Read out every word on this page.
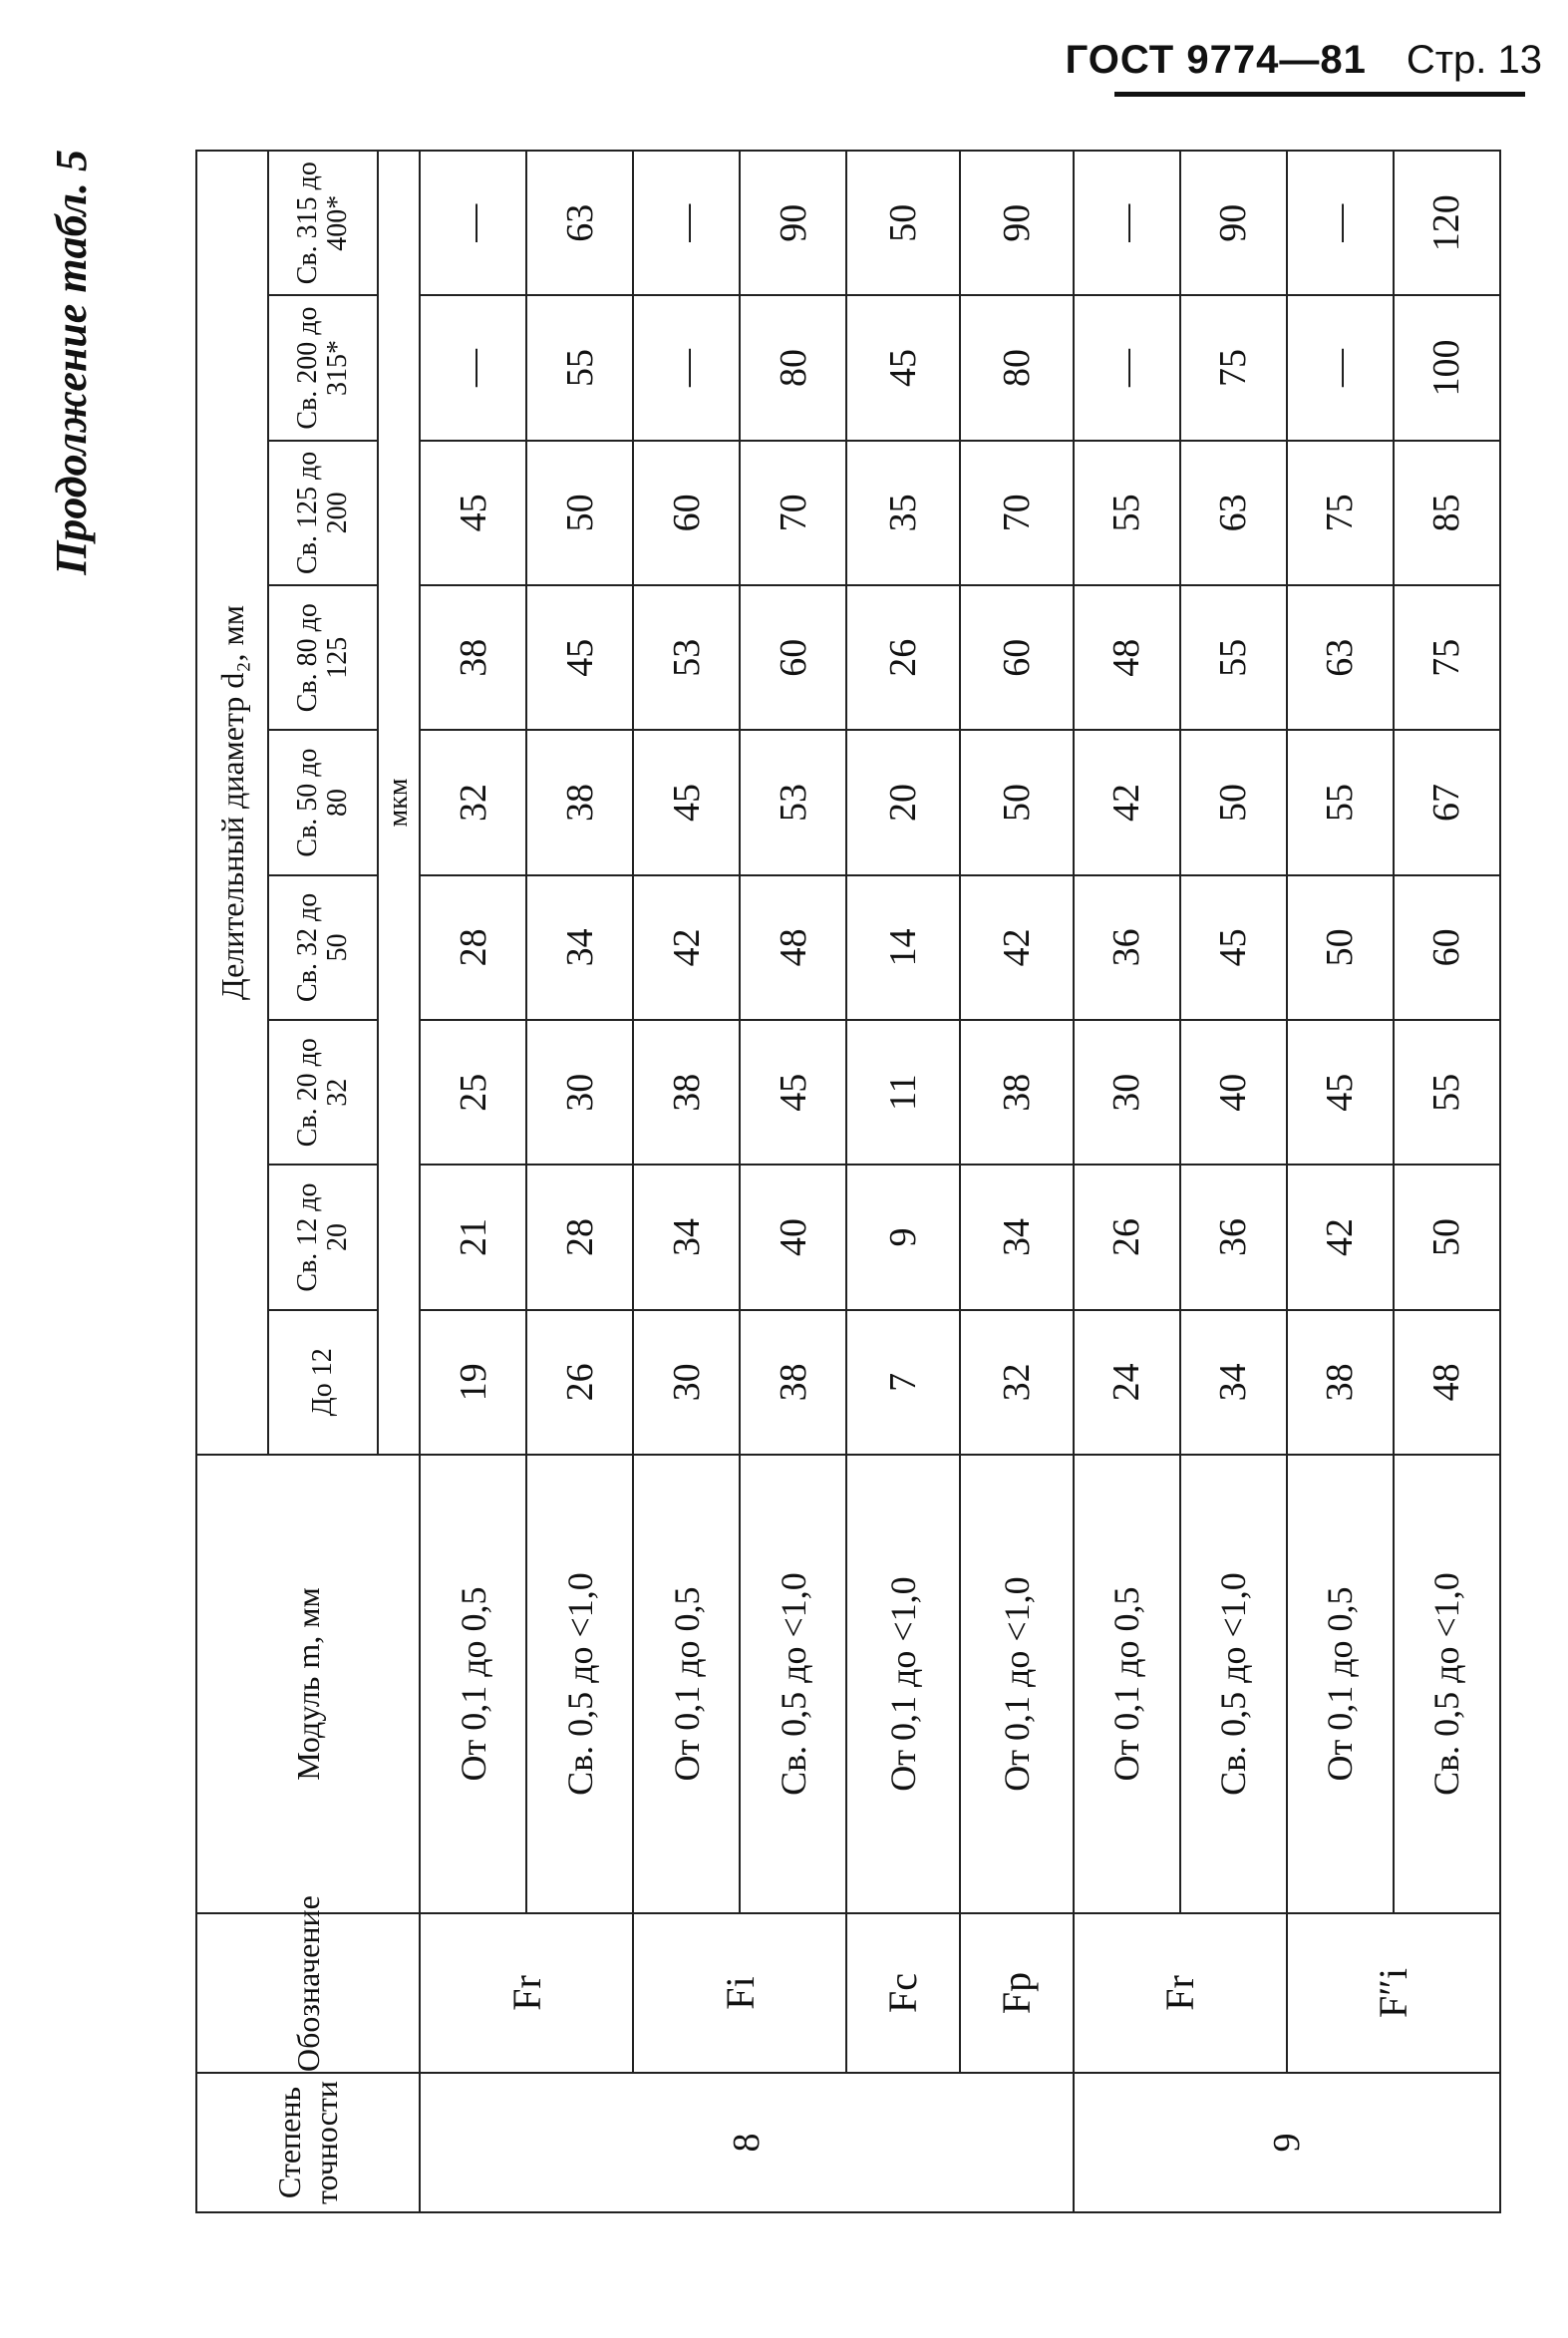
ГОСТ 9774—81 Стр. 13
Продолжение табл. 5
Степень точности	Обозначение	Модуль m, мм	Делительный диаметр d₂, мм								
			До 12	Св. 12 до 20	Св. 20 до 32	Св. 32 до 50	Св. 50 до 80	Св. 80 до 125	Св. 125 до 200	Св. 200 до 315*	Св. 315 до 400*
			мкм								
8	Fr	От 0,1 до 0,5	19	21	25	28	32	38	45	—	—
		Св. 0,5 до <1,0	26	28	30	34	38	45	50	55	63
	Fi	От 0,1 до 0,5	30	34	38	42	45	53	60	—	—
		Св. 0,5 до <1,0	38	40	45	48	53	60	70	80	90
	Fc	От 0,1 до <1,0	7	9	11	14	20	26	35	45	50
	Fp	От 0,1 до <1,0	32	34	38	42	50	60	70	80	90
9	Fr	От 0,1 до 0,5	24	26	30	36	42	48	55	—	—
		Св. 0,5 до <1,0	34	36	40	45	50	55	63	75	90
	F″i	От 0,1 до 0,5	38	42	45	50	55	63	75	—	—
		Св. 0,5 до <1,0	48	50	55	60	67	75	85	100	120
